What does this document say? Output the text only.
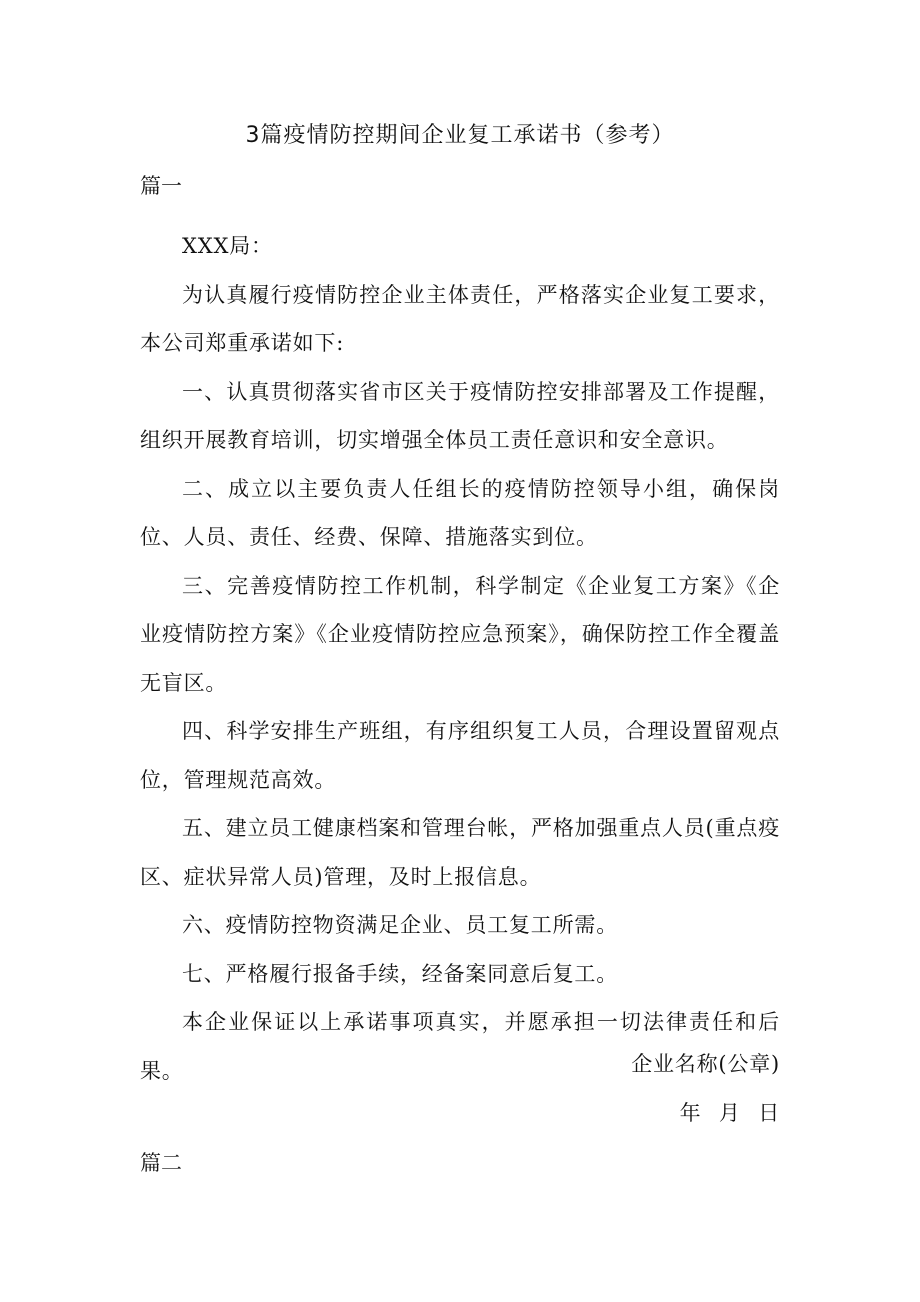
3篇疫情防控期间企业复工承诺书（参考）
篇一

XXX局：

为认真履行疫情防控企业主体责任，严格落实企业复工要求，本公司郑重承诺如下:

一、认真贯彻落实省市区关于疫情防控安排部署及工作提醒，组织开展教育培训，切实增强全体员工责任意识和安全意识。

二、成立以主要负责人任组长的疫情防控领导小组，确保岗位、人员、责任、经费、保障、措施落实到位。

三、完善疫情防控工作机制，科学制定《企业复工方案》《企业疫情防控方案》《企业疫情防控应急预案》，确保防控工作全覆盖无盲区。

四、科学安排生产班组，有序组织复工人员，合理设置留观点位，管理规范高效。

五、建立员工健康档案和管理台帐，严格加强重点人员(重点疫区、症状异常人员)管理，及时上报信息。

六、疫情防控物资满足企业、员工复工所需。

七、严格履行报备手续，经备案同意后复工。

本企业保证以上承诺事项真实，并愿承担一切法律责任和后果。	企业名称(公章)
年 月 日
篇二
